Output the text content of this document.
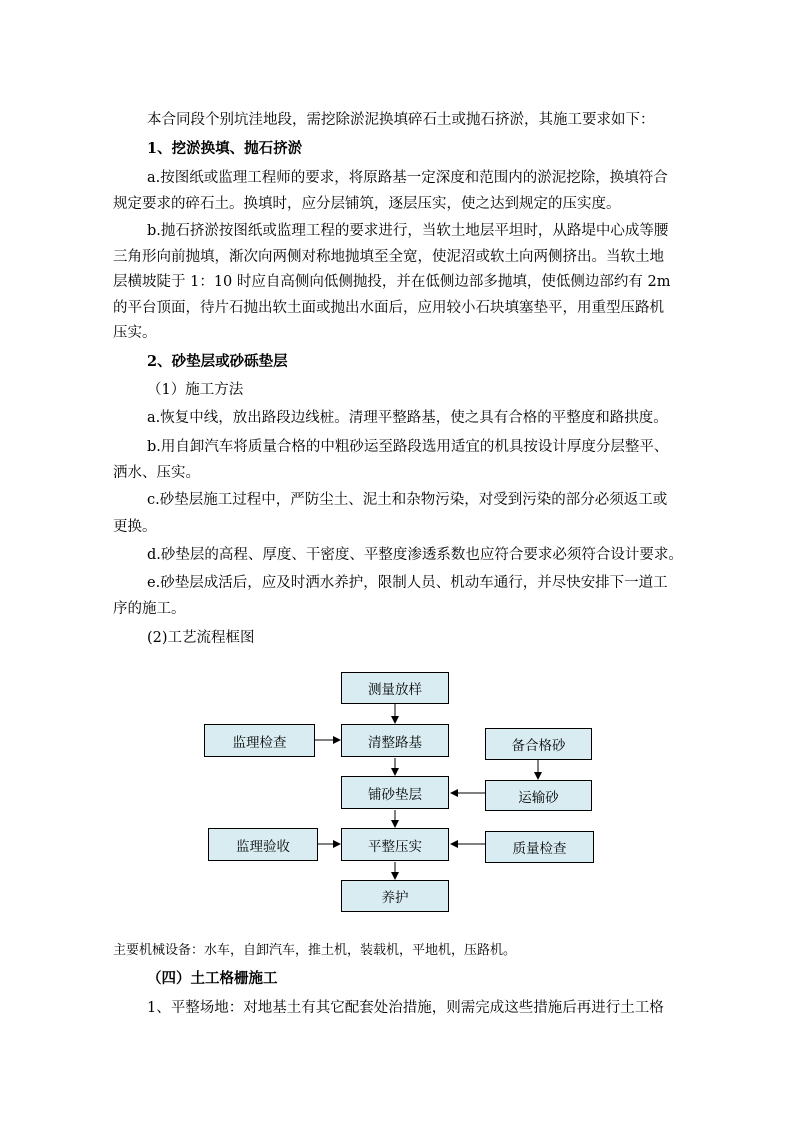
本合同段个别坑洼地段，需挖除淤泥换填碎石土或抛石挤淤，其施工要求如下：
1、挖淤换填、抛石挤淤
a.按图纸或监理工程师的要求，将原路基一定深度和范围内的淤泥挖除，换填符合
规定要求的碎石土。换填时，应分层铺筑，逐层压实，使之达到规定的压实度。
b.抛石挤淤按图纸或监理工程的要求进行，当软土地层平坦时，从路堤中心成等腰
三角形向前抛填，渐次向两侧对称地抛填至全宽，使泥沼或软土向两侧挤出。当软土地
层横坡陡于 1：10 时应自高侧向低侧抛投，并在低侧边部多抛填，使低侧边部约有 2m
的平台顶面，待片石抛出软土面或抛出水面后，应用较小石块填塞垫平，用重型压路机
压实。
2、砂垫层或砂砾垫层
（1）施工方法
a.恢复中线，放出路段边线桩。清理平整路基，使之具有合格的平整度和路拱度。
b.用自卸汽车将质量合格的中粗砂运至路段选用适宜的机具按设计厚度分层整平、
洒水、压实。
c.砂垫层施工过程中，严防尘土、泥土和杂物污染，对受到污染的部分必须返工或
更换。
d.砂垫层的高程、厚度、干密度、平整度渗透系数也应符合要求必须符合设计要求。
e.砂垫层成活后，应及时洒水养护，限制人员、机动车通行，并尽快安排下一道工
序的施工。
(2)工艺流程框图
测量放样
清整路基
监理检查	备合格砂
铺砂垫层	运输砂
平整压实
监理验收	质量检查
养护
主要机械设备：水车，自卸汽车，推土机，装载机，平地机，压路机。
（四）土工格栅施工
1、平整场地：对地基土有其它配套处治措施，则需完成这些措施后再进行土工格
